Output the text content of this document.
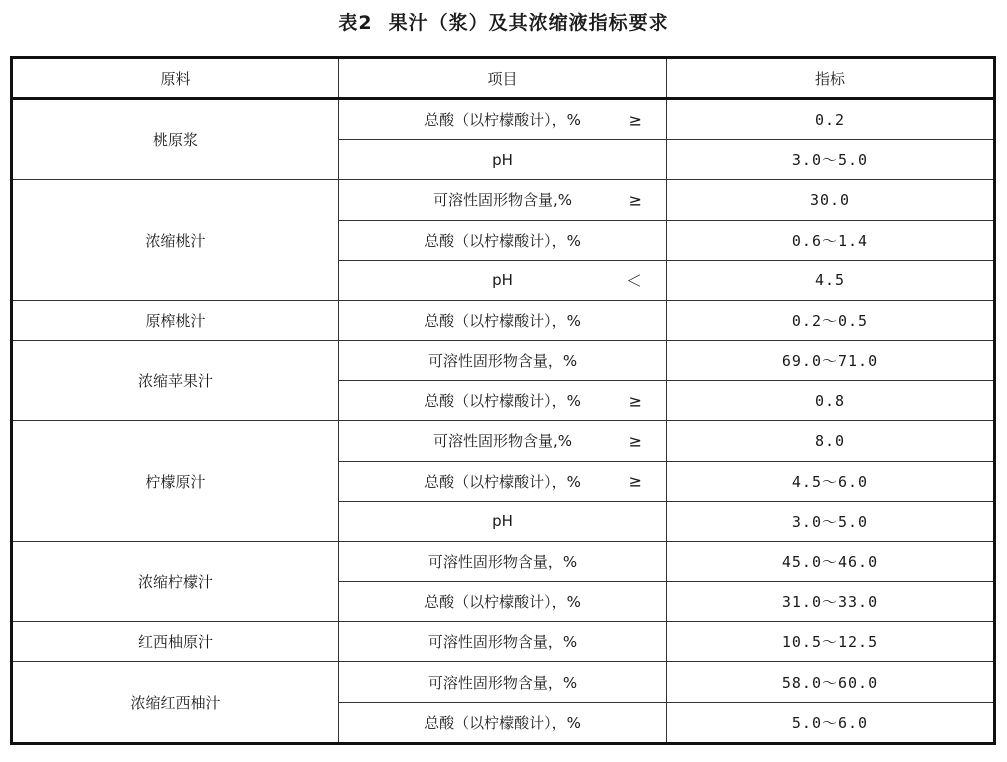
表2 果汁（浆）及其浓缩液指标要求
原料	项目	指标
桃原浆	总酸（以柠檬酸计），% ≥	0.2
	pH	3.0～5.0
浓缩桃汁	可溶性固形物含量,% ≥	30.0
	总酸（以柠檬酸计），%	0.6～1.4
	pH ＜	4.5
原榨桃汁	总酸（以柠檬酸计），%	0.2～0.5
浓缩苹果汁	可溶性固形物含量，%	69.0～71.0
	总酸（以柠檬酸计），% ≥	0.8
柠檬原汁	可溶性固形物含量,% ≥	8.0
	总酸（以柠檬酸计），% ≥	4.5～6.0
	pH	3.0～5.0
浓缩柠檬汁	可溶性固形物含量，%	45.0～46.0
	总酸（以柠檬酸计），%	31.0～33.0
红西柚原汁	可溶性固形物含量，%	10.5～12.5
浓缩红西柚汁	可溶性固形物含量，%	58.0～60.0
	总酸（以柠檬酸计），%	5.0～6.0
